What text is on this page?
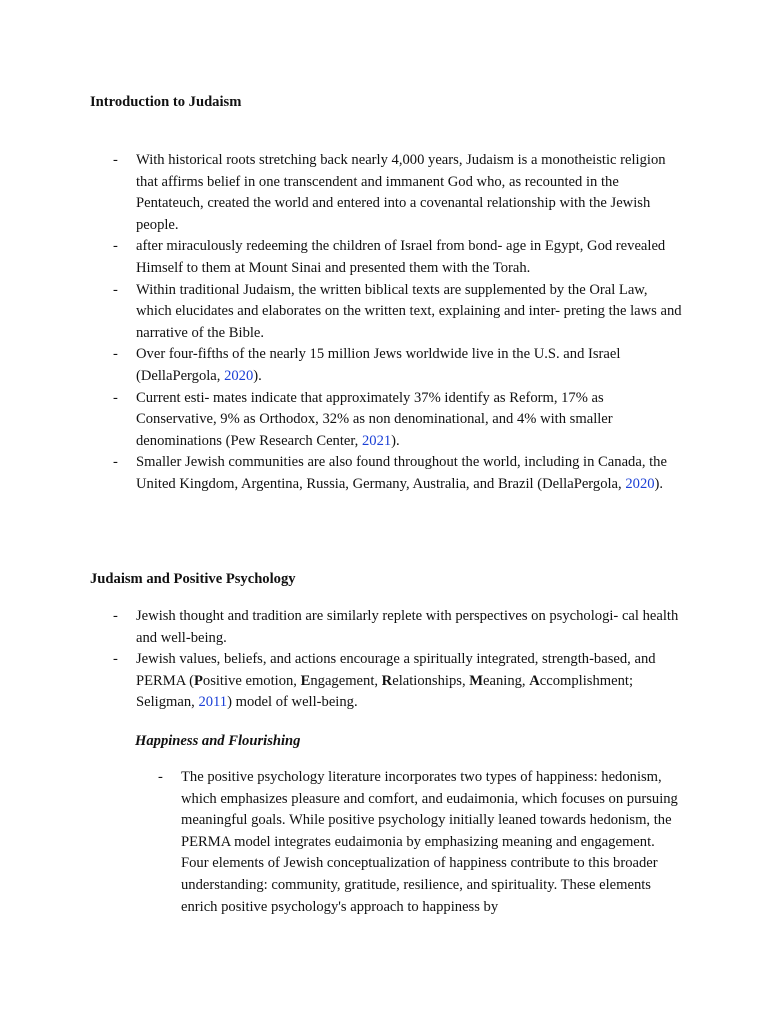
Introduction to Judaism
- With historical roots stretching back nearly 4,000 years, Judaism is a monotheistic religion that affirms belief in one transcendent and immanent God who, as recounted in the Pentateuch, created the world and entered into a covenantal relationship with the Jewish people.
- after miraculously redeeming the children of Israel from bond- age in Egypt, God revealed Himself to them at Mount Sinai and presented them with the Torah.
- Within traditional Judaism, the written biblical texts are supplemented by the Oral Law, which elucidates and elaborates on the written text, explaining and inter- preting the laws and narrative of the Bible.
- Over four-fifths of the nearly 15 million Jews worldwide live in the U.S. and Israel (DellaPergola, 2020).
- Current esti- mates indicate that approximately 37% identify as Reform, 17% as Conservative, 9% as Orthodox, 32% as non denominational, and 4% with smaller denominations (Pew Research Center, 2021).
- Smaller Jewish communities are also found throughout the world, including in Canada, the United Kingdom, Argentina, Russia, Germany, Australia, and Brazil (DellaPergola, 2020).
Judaism and Positive Psychology
- Jewish thought and tradition are similarly replete with perspectives on psychologi- cal health and well-being.
- Jewish values, beliefs, and actions encourage a spiritually integrated, strength-based, and PERMA (Positive emotion, Engagement, Relationships, Meaning, Accomplishment; Seligman, 2011) model of well-being.
Happiness and Flourishing
- The positive psychology literature incorporates two types of happiness: hedonism, which emphasizes pleasure and comfort, and eudaimonia, which focuses on pursuing meaningful goals. While positive psychology initially leaned towards hedonism, the PERMA model integrates eudaimonia by emphasizing meaning and engagement. Four elements of Jewish conceptualization of happiness contribute to this broader understanding: community, gratitude, resilience, and spirituality. These elements enrich positive psychology's approach to happiness by
